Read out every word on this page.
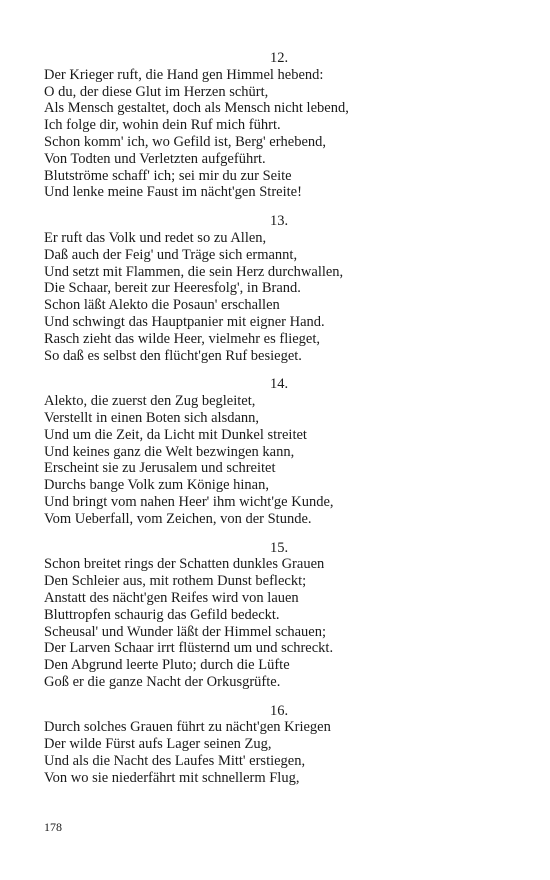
12.
Der Krieger ruft, die Hand gen Himmel hebend:
O du, der diese Glut im Herzen schürt,
Als Mensch gestaltet, doch als Mensch nicht lebend,
Ich folge dir, wohin dein Ruf mich führt.
Schon komm' ich, wo Gefild ist, Berg' erhebend,
Von Todten und Verletzten aufgeführt.
Blutströme schaff' ich; sei mir du zur Seite
Und lenke meine Faust im nächt'gen Streite!
13.
Er ruft das Volk und redet so zu Allen,
Daß auch der Feig' und Träge sich ermannt,
Und setzt mit Flammen, die sein Herz durchwallen,
Die Schaar, bereit zur Heeresfolg', in Brand.
Schon läßt Alekto die Posaun' erschallen
Und schwingt das Hauptpanier mit eigner Hand.
Rasch zieht das wilde Heer, vielmehr es flieget,
So daß es selbst den flücht'gen Ruf besieget.
14.
Alekto, die zuerst den Zug begleitet,
Verstellt in einen Boten sich alsdann,
Und um die Zeit, da Licht mit Dunkel streitet
Und keines ganz die Welt bezwingen kann,
Erscheint sie zu Jerusalem und schreitet
Durchs bange Volk zum Könige hinan,
Und bringt vom nahen Heer' ihm wicht'ge Kunde,
Vom Ueberfall, vom Zeichen, von der Stunde.
15.
Schon breitet rings der Schatten dunkles Grauen
Den Schleier aus, mit rothem Dunst befleckt;
Anstatt des nächt'gen Reifes wird von lauen
Bluttropfen schaurig das Gefild bedeckt.
Scheusal' und Wunder läßt der Himmel schauen;
Der Larven Schaar irrt flüsternd um und schreckt.
Den Abgrund leerte Pluto; durch die Lüfte
Goß er die ganze Nacht der Orkusgrüfte.
16.
Durch solches Grauen führt zu nächt'gen Kriegen
Der wilde Fürst aufs Lager seinen Zug,
Und als die Nacht des Laufes Mitt' erstiegen,
Von wo sie niederfährt mit schnellerm Flug,
178
